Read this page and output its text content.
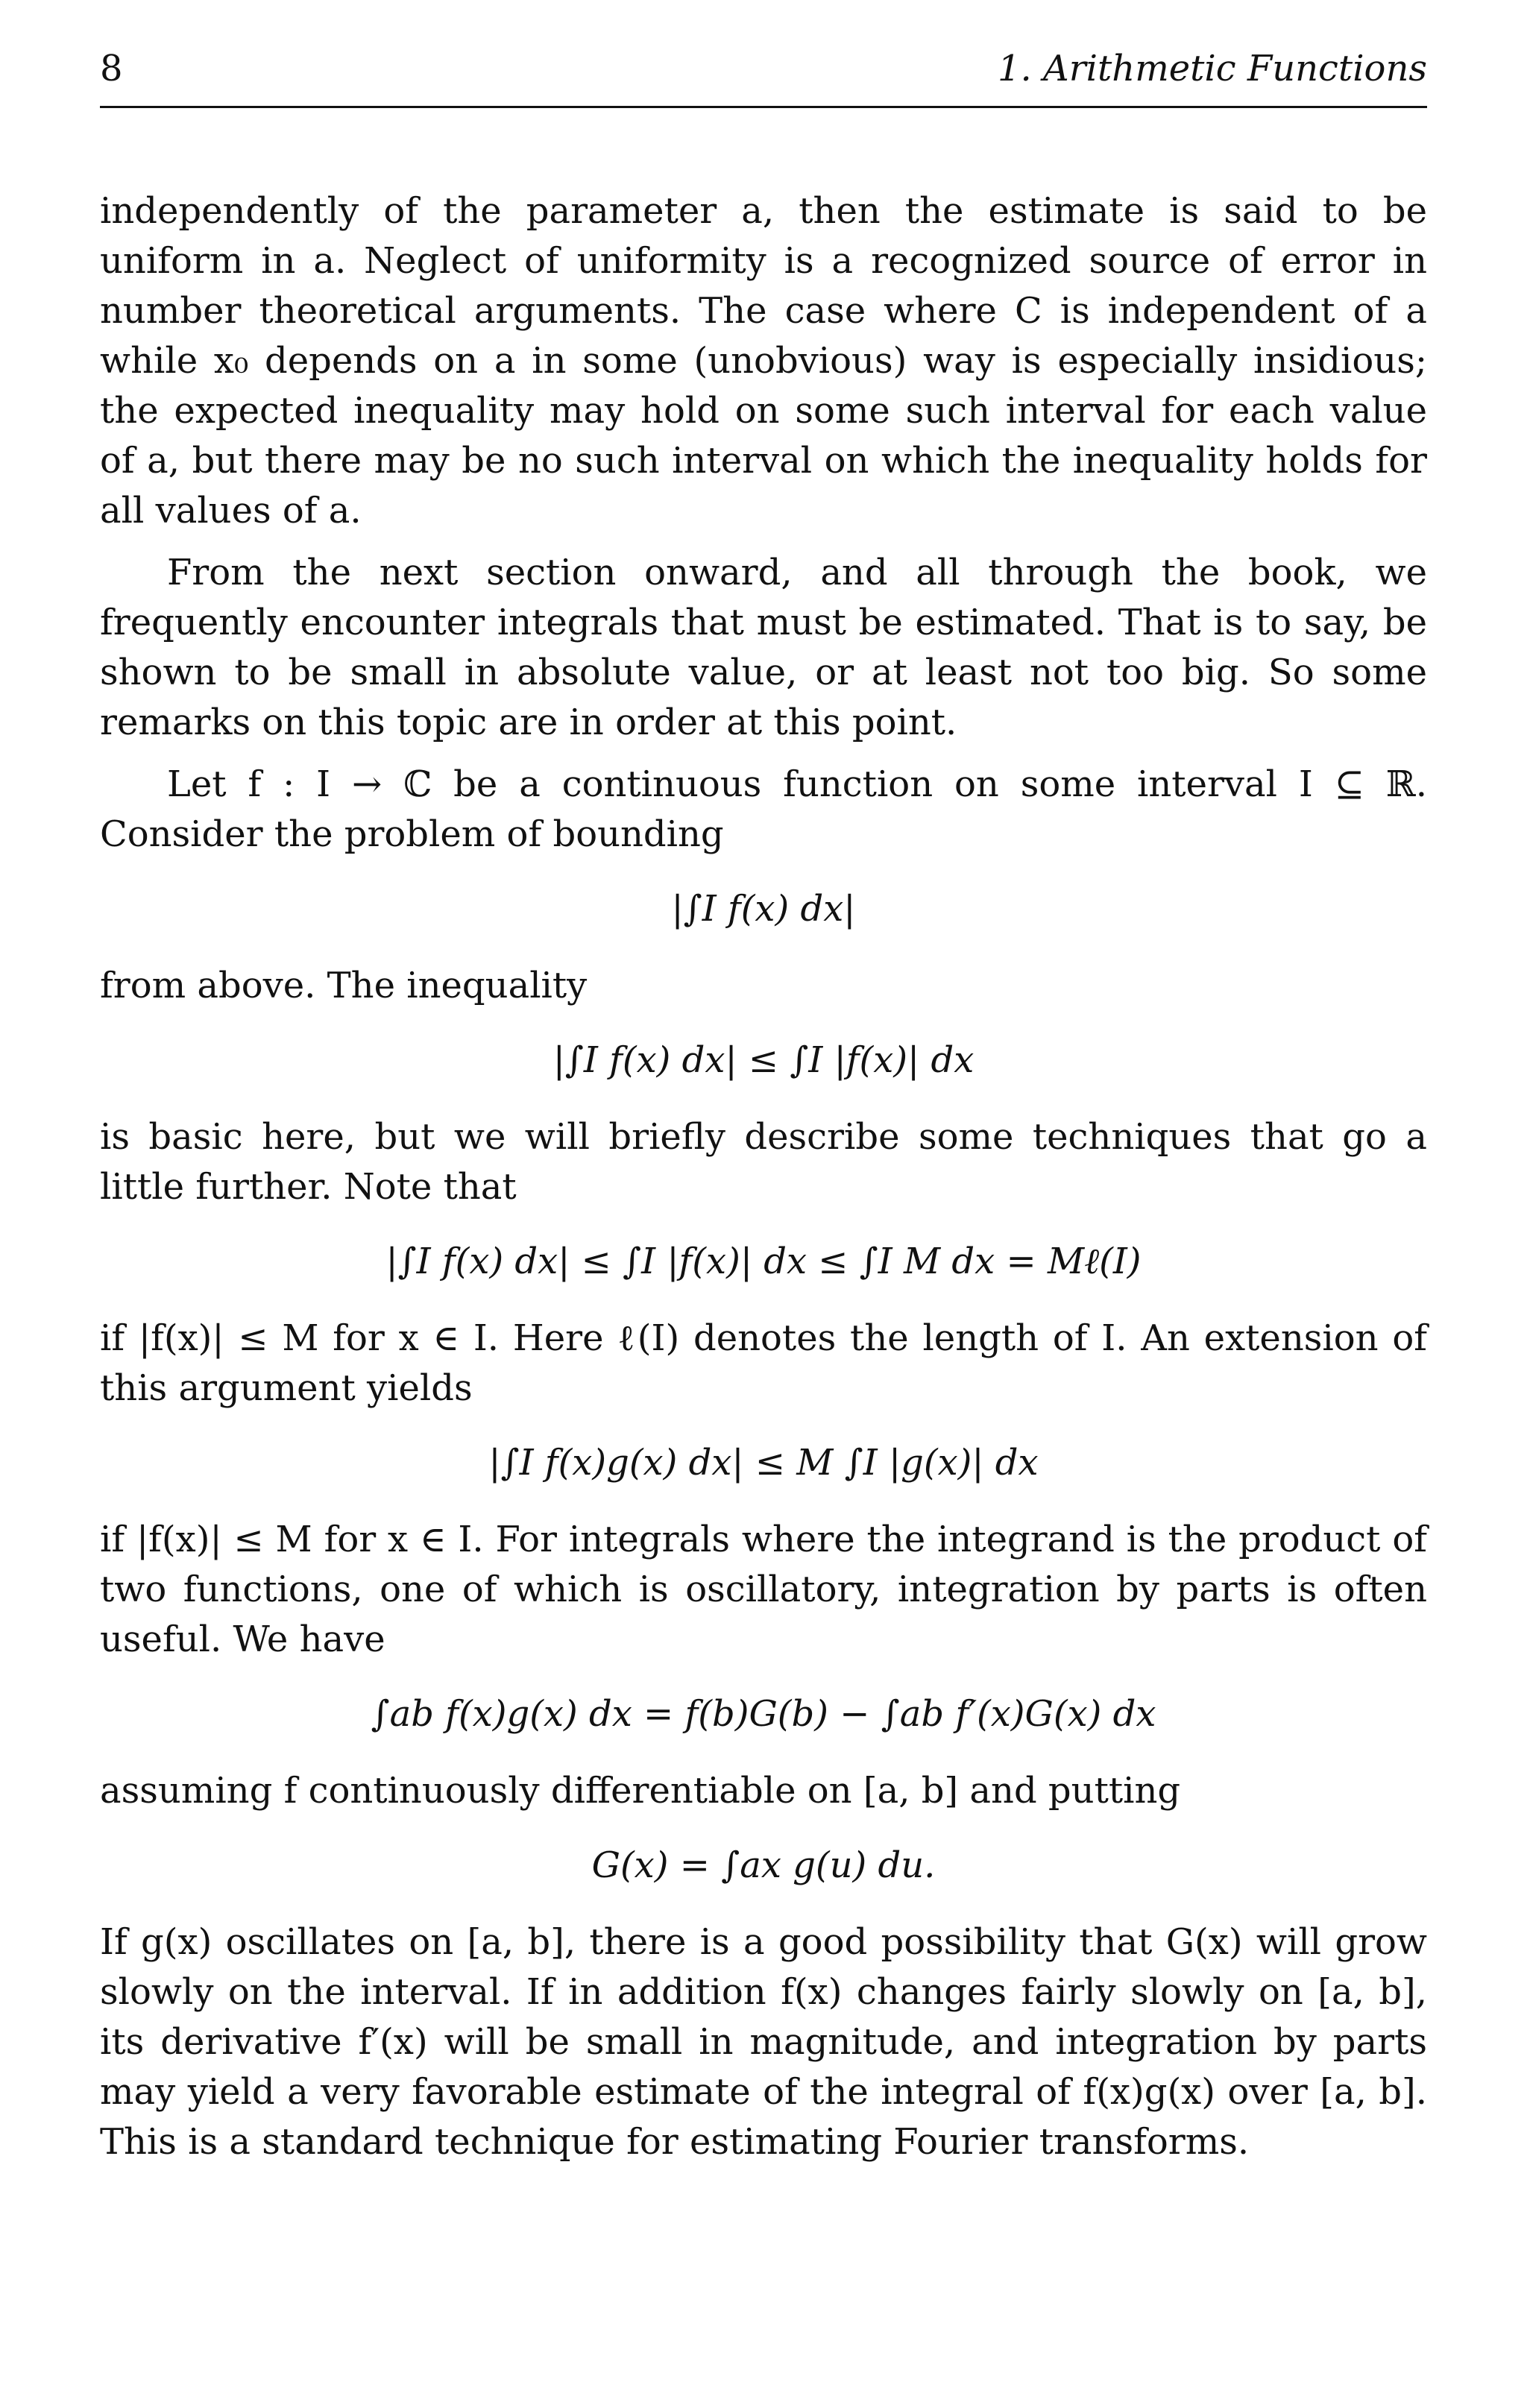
8	1. Arithmetic Functions

independently of the parameter a, then the estimate is said to be uniform in a. Neglect of uniformity is a recognized source of error in number theoretical arguments. The case where C is independent of a while x₀ depends on a in some (unobvious) way is especially insidious; the expected inequality may hold on some such interval for each value of a, but there may be no such interval on which the inequality holds for all values of a.

From the next section onward, and all through the book, we frequently encounter integrals that must be estimated. That is to say, be shown to be small in absolute value, or at least not too big. So some remarks on this topic are in order at this point.

Let f : I → ℂ be a continuous function on some interval I ⊆ ℝ. Consider the problem of bounding

|∫I f(x) dx|

from above. The inequality

|∫I f(x) dx| ≤ ∫I |f(x)| dx

is basic here, but we will briefly describe some techniques that go a little further. Note that

|∫I f(x) dx| ≤ ∫I |f(x)| dx ≤ ∫I M dx = Mℓ(I)

if |f(x)| ≤ M for x ∈ I. Here ℓ(I) denotes the length of I. An extension of this argument yields

|∫I f(x)g(x) dx| ≤ M ∫I |g(x)| dx

if |f(x)| ≤ M for x ∈ I. For integrals where the integrand is the product of two functions, one of which is oscillatory, integration by parts is often useful. We have

∫ab f(x)g(x) dx = f(b)G(b) − ∫ab f′(x)G(x) dx

assuming f continuously differentiable on [a, b] and putting

G(x) = ∫ax g(u) du.

If g(x) oscillates on [a, b], there is a good possibility that G(x) will grow slowly on the interval. If in addition f(x) changes fairly slowly on [a, b], its derivative f′(x) will be small in magnitude, and integration by parts may yield a very favorable estimate of the integral of f(x)g(x) over [a, b]. This is a standard technique for estimating Fourier transforms.
